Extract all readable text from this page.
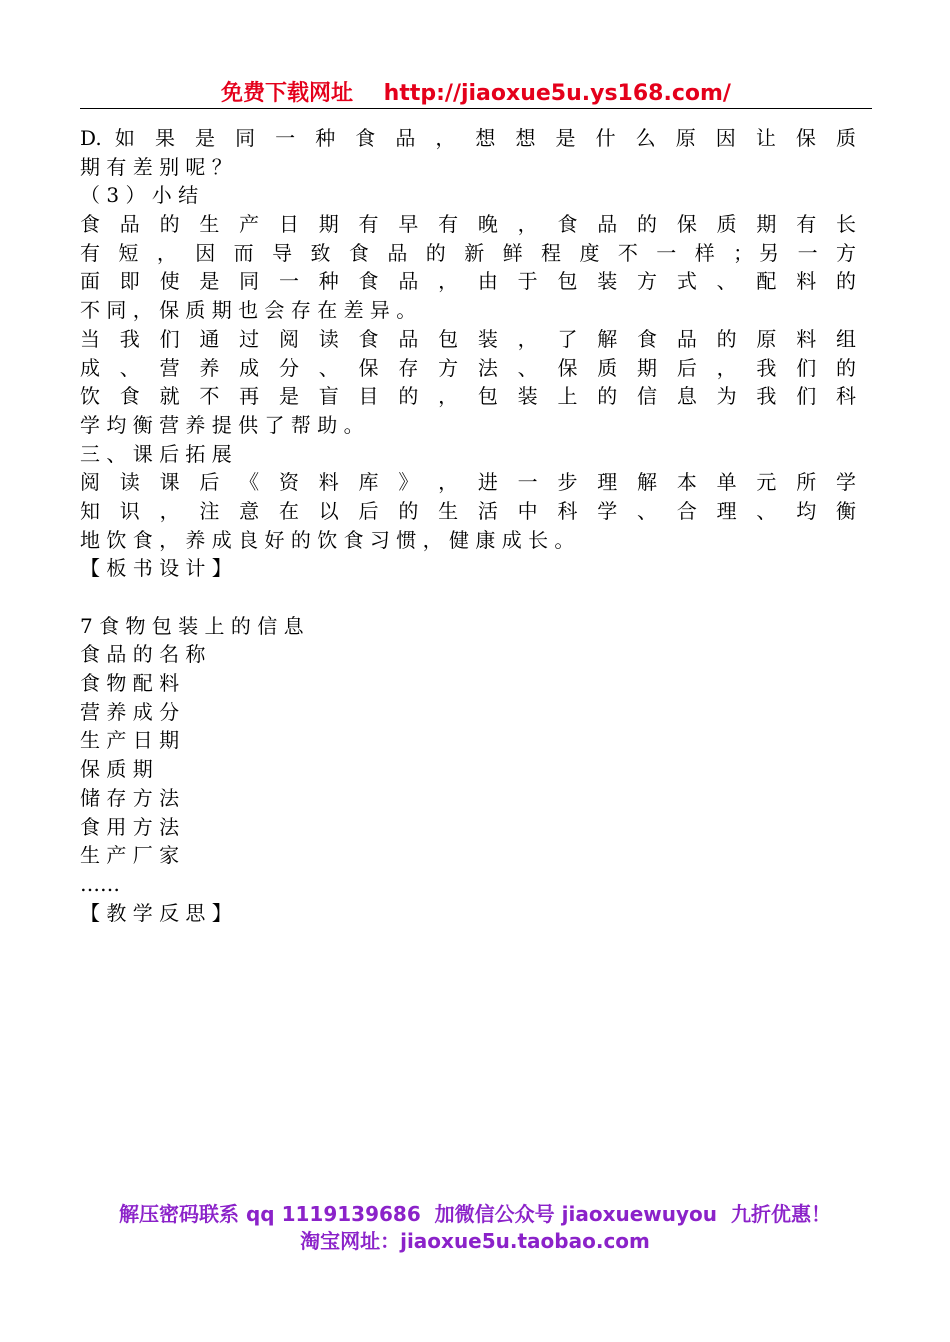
免费下载网址    http://jiaoxue5u.ys168.com/
D. 如 果 是 同 一 种 食 品 ， 想 想 是 什 么 原 因 让 保 质
期 有 差 别 呢 ？
（ 3 ） 小 结
食 品 的 生 产 日 期 有 早 有 晚 ， 食 品 的 保 质 期 有 长
有 短 ， 因 而 导 致 食 品 的 新 鲜 程 度 不 一 样 ；另 一 方
面 即 使 是 同 一 种 食 品 ， 由 于 包 装 方 式 、 配 料 的
不 同 ， 保 质 期 也 会 存 在 差 异 。
当 我 们 通 过 阅 读 食 品 包 装 ， 了 解 食 品 的 原 料 组
成 、 营 养 成 分 、 保 存 方 法 、 保 质 期 后 ， 我 们 的
饮 食 就 不 再 是 盲 目 的 ， 包 装 上 的 信 息 为 我 们 科
学 均 衡 营 养 提 供 了 帮 助 。
三 、 课 后 拓 展
阅 读 课 后 《 资 料 库 》 ， 进 一 步 理 解 本 单 元 所 学
知 识 ， 注 意 在 以 后 的 生 活 中 科 学 、 合 理 、 均 衡
地 饮 食 ， 养 成 良 好 的 饮 食 习 惯 ， 健 康 成 长 。
【 板 书 设 计 】
7 食 物 包 装 上 的 信 息
食 品 的 名 称
食 物 配 料
营 养 成 分
生 产 日 期
保 质 期
储 存 方 法
食 用 方 法
生 产 厂 家
……
【 教 学 反 思 】
解压密码联系 qq 1119139686  加微信公众号 jiaoxuewuyou  九折优惠！
淘宝网址：jiaoxue5u.taobao.com
